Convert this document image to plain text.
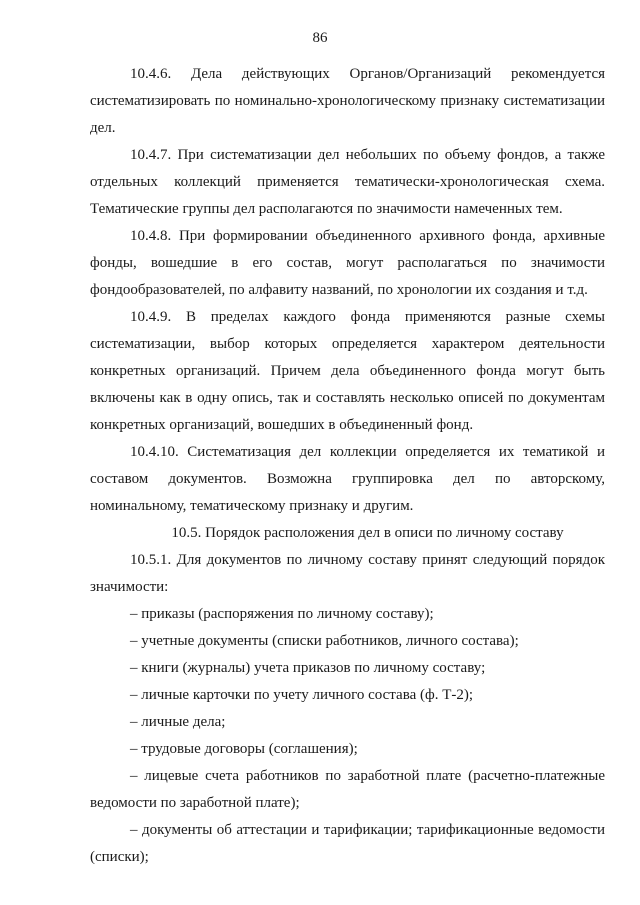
86

10.4.6. Дела действующих Органов/Организаций рекомендуется систематизировать по номинально-хронологическому признаку систематизации дел.

10.4.7. При систематизации дел небольших по объему фондов, а также отдельных коллекций применяется тематически-хронологическая схема. Тематические группы дел располагаются по значимости намеченных тем.

10.4.8. При формировании объединенного архивного фонда, архивные фонды, вошедшие в его состав, могут располагаться по значимости фондообразователей, по алфавиту названий, по хронологии их создания и т.д.

10.4.9. В пределах каждого фонда применяются разные схемы систематизации, выбор которых определяется характером деятельности конкретных организаций. Причем дела объединенного фонда могут быть включены как в одну опись, так и составлять несколько описей по документам конкретных организаций, вошедших в объединенный фонд.

10.4.10. Систематизация дел коллекции определяется их тематикой и составом документов. Возможна группировка дел по авторскому, номинальному, тематическому признаку и другим.

10.5. Порядок расположения дел в описи по личному составу

10.5.1. Для документов по личному составу принят следующий порядок значимости:

– приказы (распоряжения по личному составу);

– учетные документы (списки работников, личного состава);

– книги (журналы) учета приказов по личному составу;

– личные карточки по учету личного состава (ф. Т-2);

– личные дела;

– трудовые договоры (соглашения);

– лицевые счета работников по заработной плате (расчетно-платежные ведомости по заработной плате);

– документы об аттестации и тарификации; тарификационные ведомости (списки);
